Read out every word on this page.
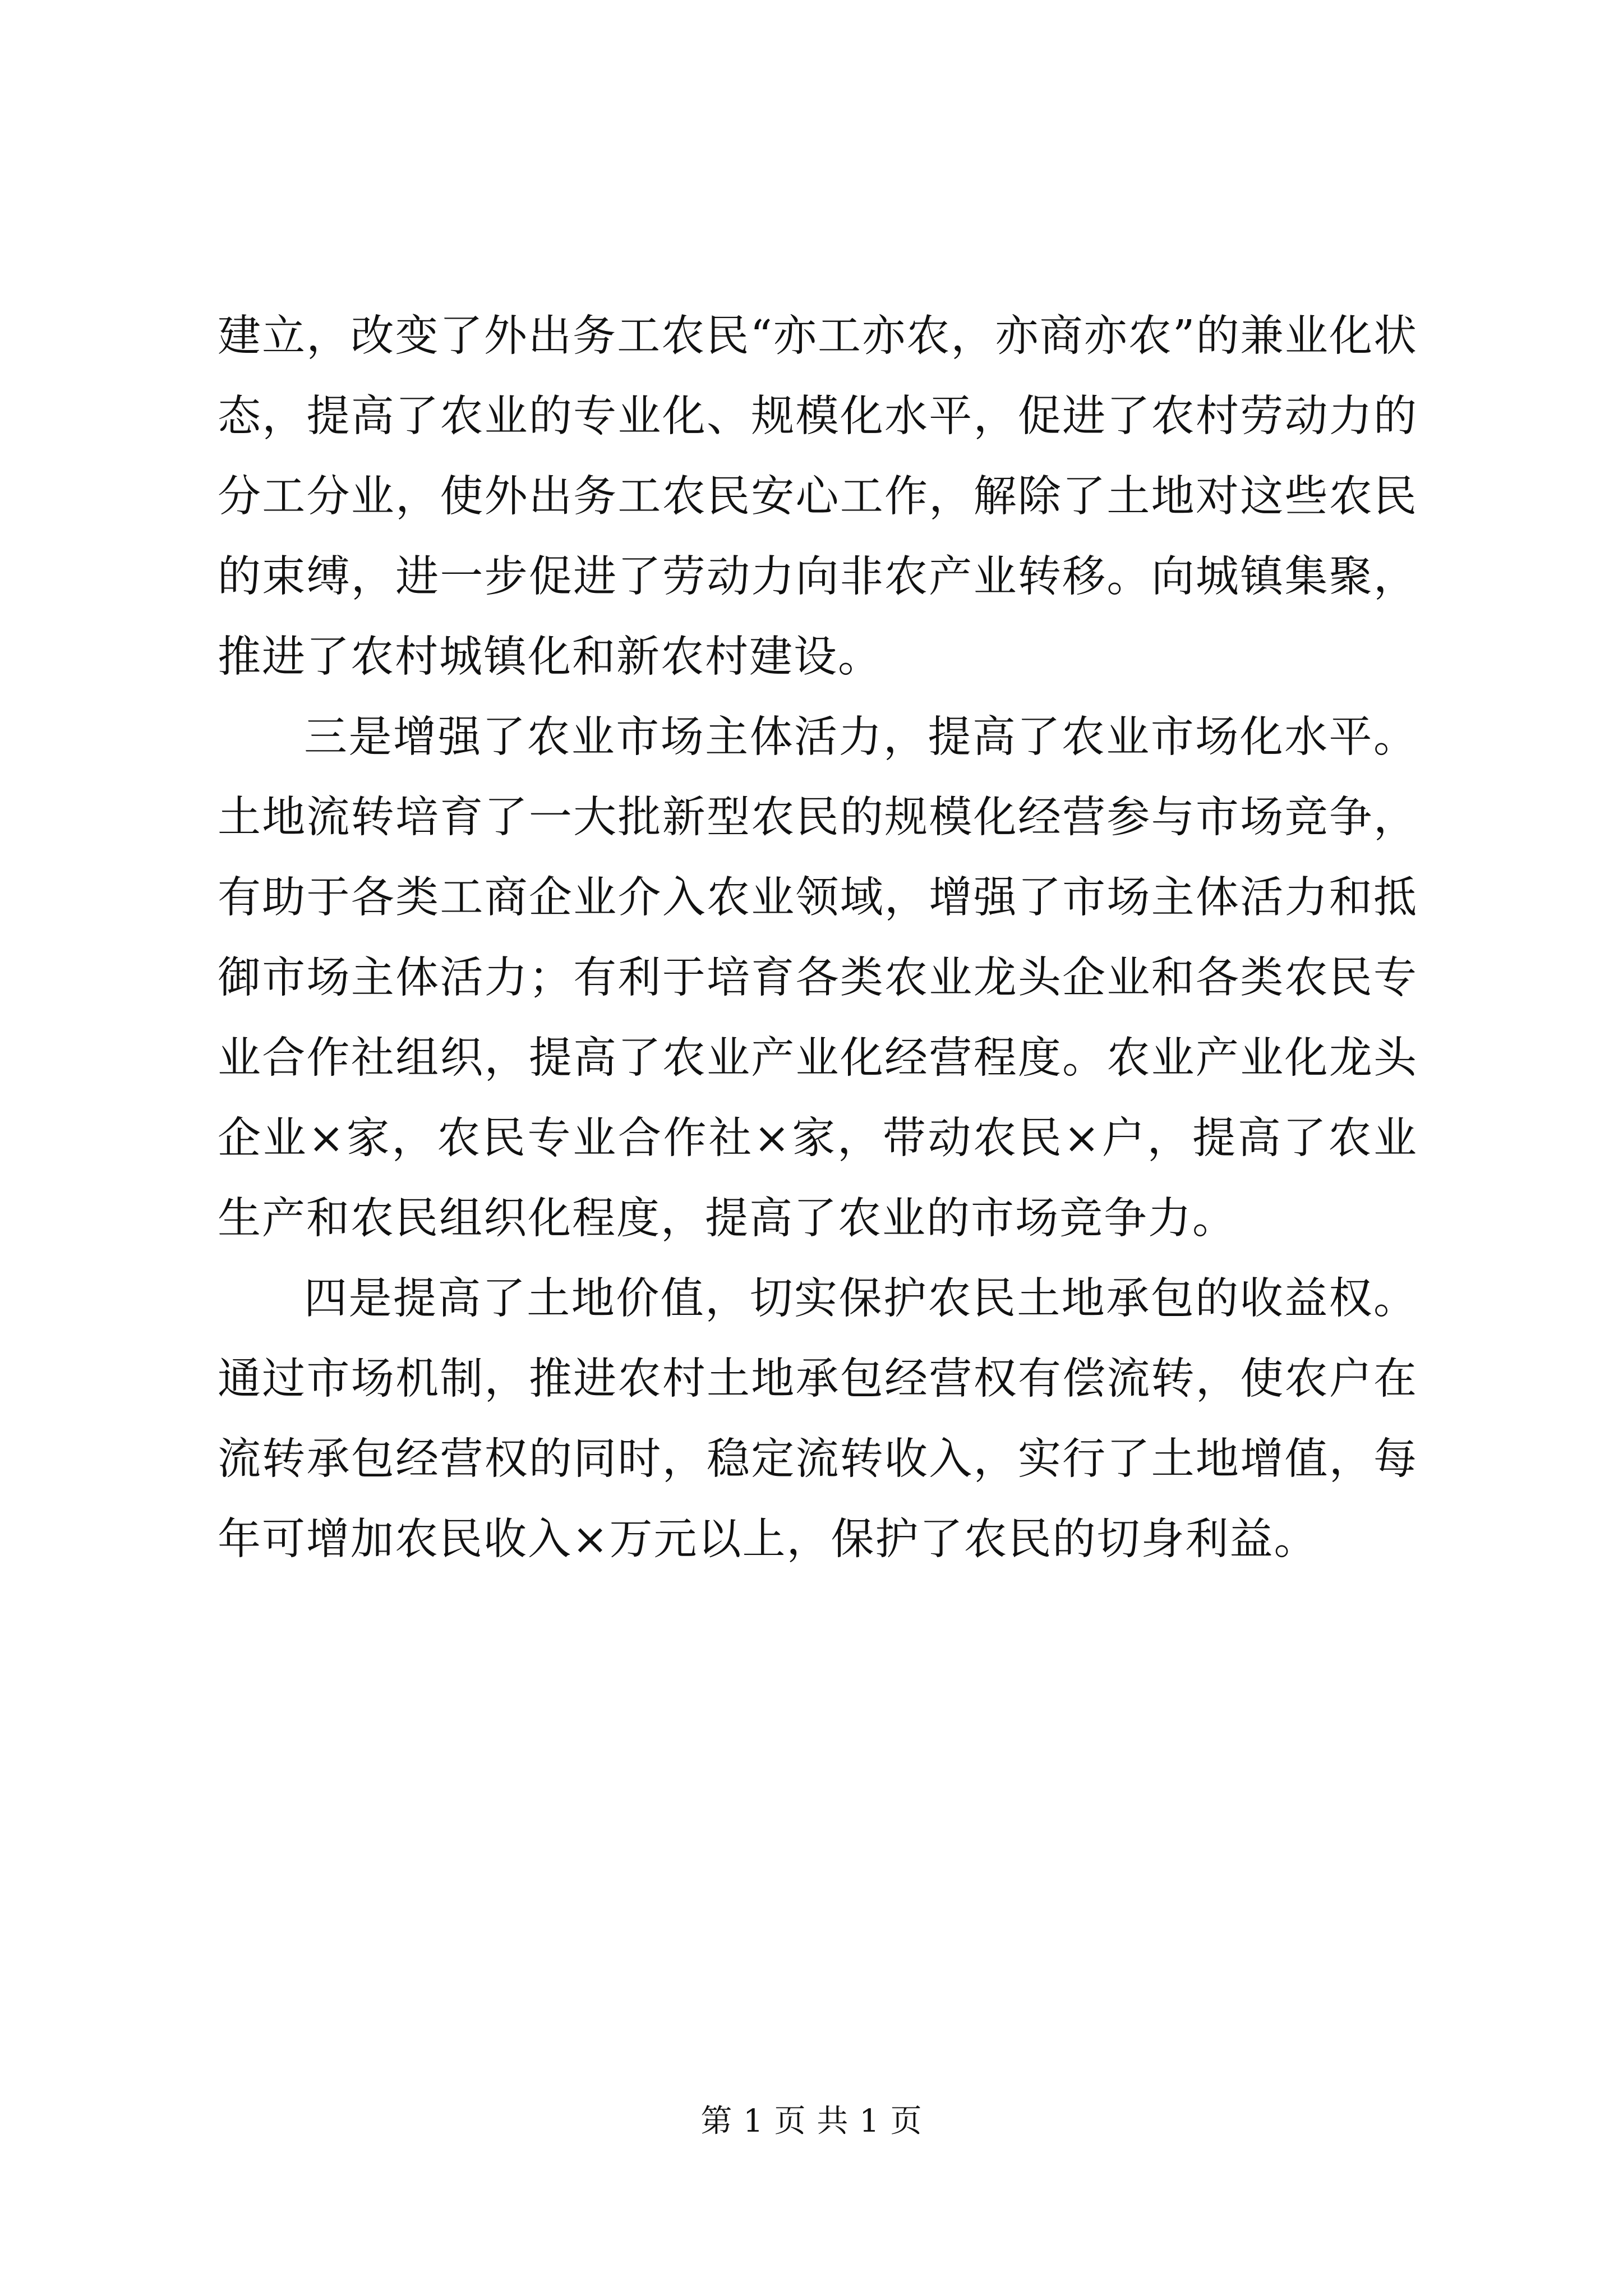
建立，改变了外出务工农民“亦工亦农，亦商亦农”的兼业化状态，提高了农业的专业化、规模化水平，促进了农村劳动力的分工分业，使外出务工农民安心工作，解除了土地对这些农民的束缚，进一步促进了劳动力向非农产业转移。向城镇集聚，推进了农村城镇化和新农村建设。

三是增强了农业市场主体活力，提高了农业市场化水平。土地流转培育了一大批新型农民的规模化经营参与市场竞争，有助于各类工商企业介入农业领域，增强了市场主体活力和抵御市场主体活力；有利于培育各类农业龙头企业和各类农民专业合作社组织，提高了农业产业化经营程度。农业产业化龙头企业×家，农民专业合作社×家，带动农民×户，提高了农业生产和农民组织化程度，提高了农业的市场竞争力。

四是提高了土地价值，切实保护农民土地承包的收益权。通过市场机制，推进农村土地承包经营权有偿流转，使农户在流转承包经营权的同时，稳定流转收入，实行了土地增值，每年可增加农民收入×万元以上，保护了农民的切身利益。

第 1 页 共 1 页
